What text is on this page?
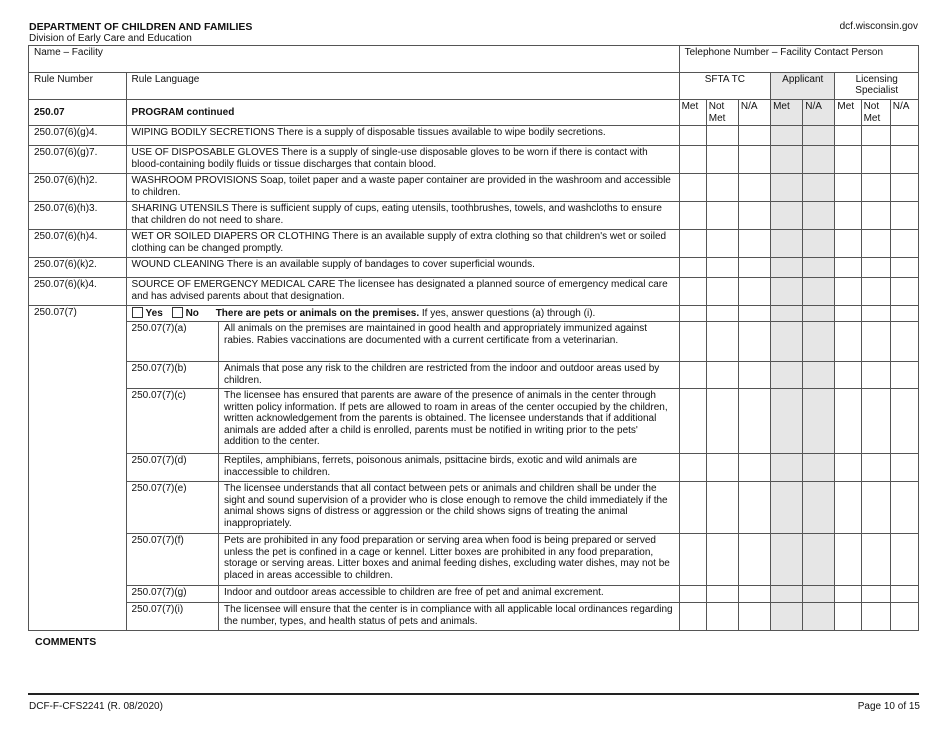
DEPARTMENT OF CHILDREN AND FAMILIES
Division of Early Care and Education
dcf.wisconsin.gov
Name – Facility			Telephone Number – Facility Contact Person							
Rule Number	Rule Language		SFTA TC			Applicant		Licensing Specialist		
250.07	PROGRAM continued		Met	Not Met	N/A	Met	N/A	Met	Not Met	N/A
250.07(6)(g)4.	WIPING BODILY SECRETIONS There is a supply of disposable tissues available to wipe bodily secretions.									
250.07(6)(g)7.	USE OF DISPOSABLE GLOVES There is a supply of single-use disposable gloves to be worn if there is contact with blood-containing bodily fluids or tissue discharges that contain blood.									
250.07(6)(h)2.	WASHROOM PROVISIONS Soap, toilet paper and a waste paper container are provided in the washroom and accessible to children.									
250.07(6)(h)3.	SHARING UTENSILS There is sufficient supply of cups, eating utensils, toothbrushes, towels, and washcloths to ensure that children do not need to share.									
250.07(6)(h)4.	WET OR SOILED DIAPERS OR CLOTHING There is an available supply of extra clothing so that children's wet or soiled clothing can be changed promptly.									
250.07(6)(k)2.	WOUND CLEANING There is an available supply of bandages to cover superficial wounds.									
250.07(6)(k)4.	SOURCE OF EMERGENCY MEDICAL CARE The licensee has designated a planned source of emergency medical care and has advised parents about that designation.									
250.07(7)	Yes No There are pets or animals on the premises. If yes, answer questions (a) through (i).									
	250.07(7)(a)	All animals on the premises are maintained in good health and appropriately immunized against rabies. Rabies vaccinations are documented with a current certificate from a veterinarian.								
	250.07(7)(b)	Animals that pose any risk to the children are restricted from the indoor and outdoor areas used by children.								
	250.07(7)(c)	The licensee has ensured that parents are aware of the presence of animals in the center through written policy information. If pets are allowed to roam in areas of the center occupied by the children, written acknowledgement from the parents is obtained. The licensee understands that if additional animals are added after a child is enrolled, parents must be notified in writing prior to the pets' addition to the center.								
	250.07(7)(d)	Reptiles, amphibians, ferrets, poisonous animals, psittacine birds, exotic and wild animals are inaccessible to children.								
	250.07(7)(e)	The licensee understands that all contact between pets or animals and children shall be under the sight and sound supervision of a provider who is close enough to remove the child immediately if the animal shows signs of distress or aggression or the child shows signs of treating the animal inappropriately.								
	250.07(7)(f)	Pets are prohibited in any food preparation or serving area when food is being prepared or served unless the pet is confined in a cage or kennel. Litter boxes are prohibited in any food preparation, storage or serving areas. Litter boxes and animal feeding dishes, excluding water dishes, may not be placed in areas accessible to children.								
	250.07(7)(g)	Indoor and outdoor areas accessible to children are free of pet and animal excrement.								
	250.07(7)(i)	The licensee will ensure that the center is in compliance with all applicable local ordinances regarding the number, types, and health status of pets and animals.								
COMMENTS
DCF-F-CFS2241 (R. 08/2020)	Page 10 of 15
